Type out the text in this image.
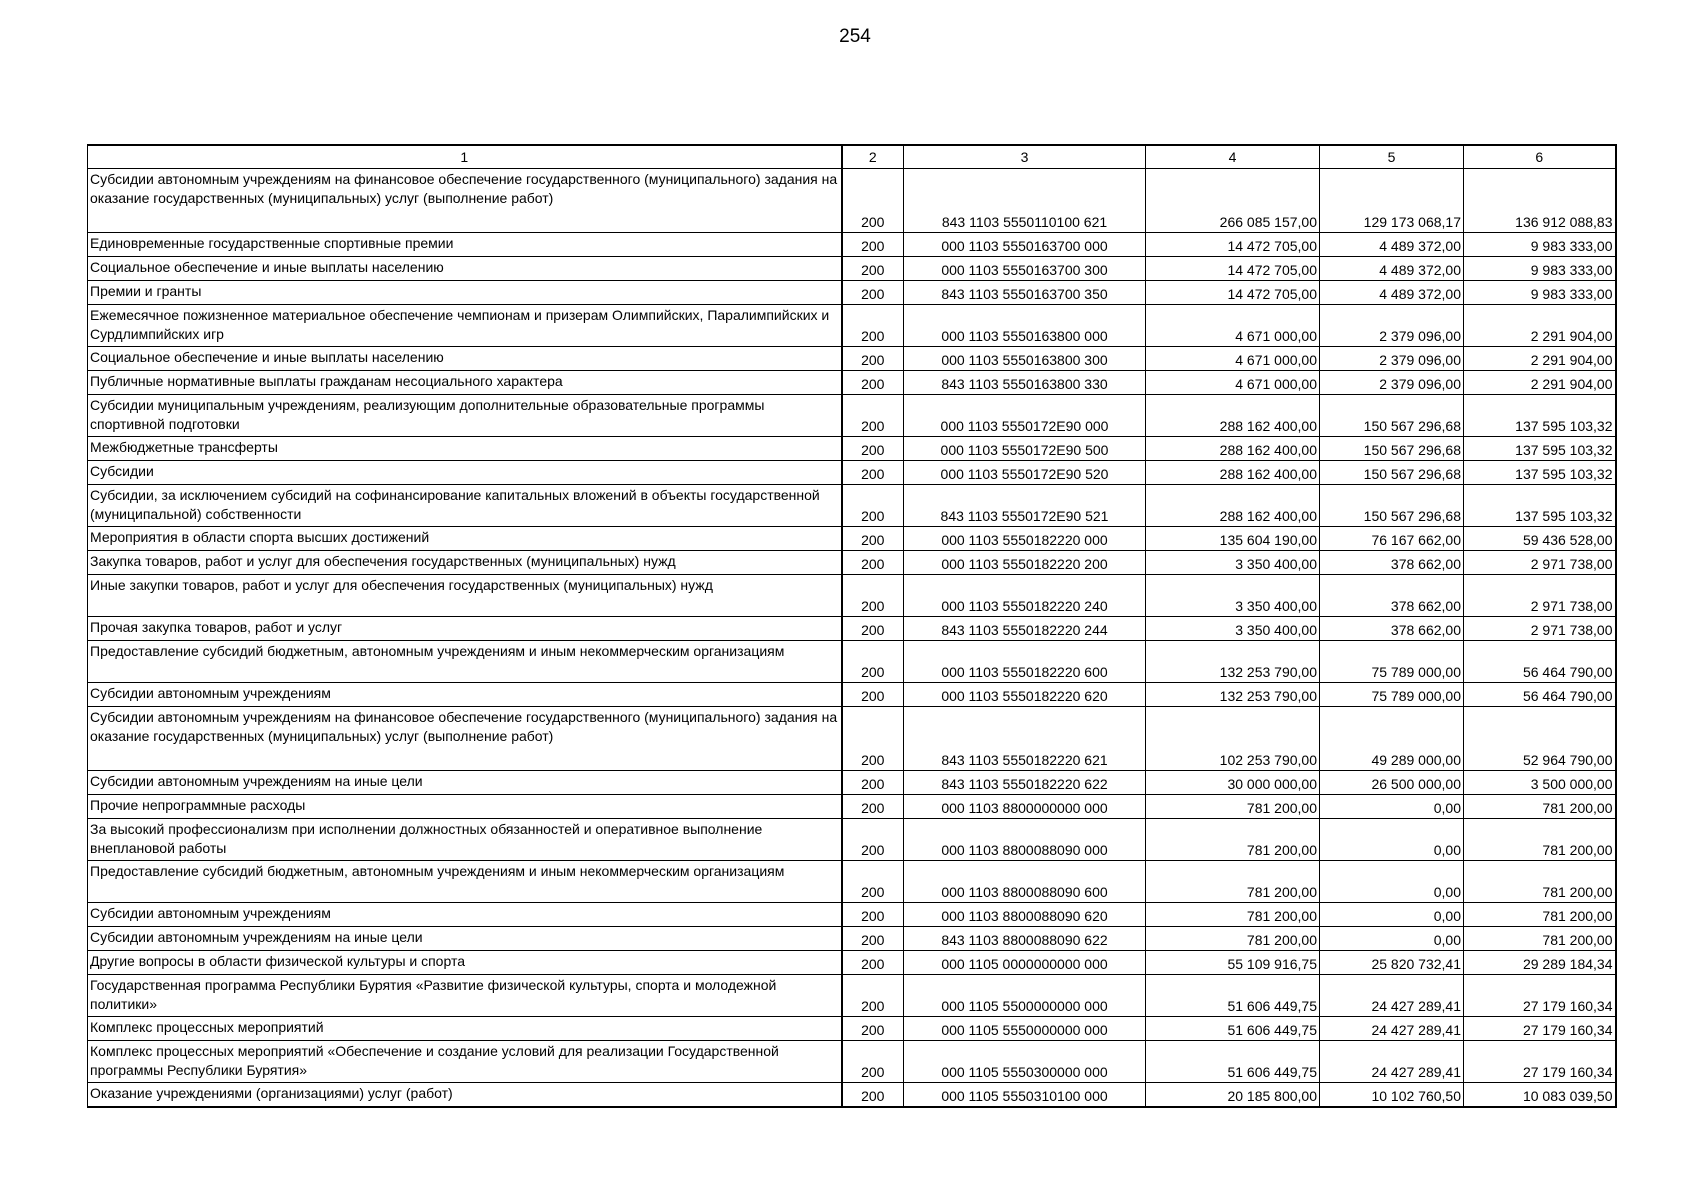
254
1	2	3	4	5	6
Субсидии автономным учреждениям на финансовое обеспечение государственного (муниципального) задания на оказание государственных (муниципальных) услуг (выполнение работ)	200	843 1103 5550110100 621	266 085 157,00	129 173 068,17	136 912 088,83
Единовременные государственные спортивные премии	200	000 1103 5550163700 000	14 472 705,00	4 489 372,00	9 983 333,00
Социальное обеспечение и иные выплаты населению	200	000 1103 5550163700 300	14 472 705,00	4 489 372,00	9 983 333,00
Премии и гранты	200	843 1103 5550163700 350	14 472 705,00	4 489 372,00	9 983 333,00
Ежемесячное пожизненное материальное обеспечение чемпионам и призерам Олимпийских, Паралимпийских и Сурдлимпийских игр	200	000 1103 5550163800 000	4 671 000,00	2 379 096,00	2 291 904,00
Социальное обеспечение и иные выплаты населению	200	000 1103 5550163800 300	4 671 000,00	2 379 096,00	2 291 904,00
Публичные нормативные выплаты гражданам несоциального характера	200	843 1103 5550163800 330	4 671 000,00	2 379 096,00	2 291 904,00
Субсидии муниципальным учреждениям, реализующим дополнительные образовательные программы спортивной подготовки	200	000 1103 5550172E90 000	288 162 400,00	150 567 296,68	137 595 103,32
Межбюджетные трансферты	200	000 1103 5550172E90 500	288 162 400,00	150 567 296,68	137 595 103,32
Субсидии	200	000 1103 5550172E90 520	288 162 400,00	150 567 296,68	137 595 103,32
Субсидии, за исключением субсидий на софинансирование капитальных вложений в объекты государственной (муниципальной) собственности	200	843 1103 5550172E90 521	288 162 400,00	150 567 296,68	137 595 103,32
Мероприятия в области спорта высших достижений	200	000 1103 5550182220 000	135 604 190,00	76 167 662,00	59 436 528,00
Закупка товаров, работ и услуг для обеспечения государственных (муниципальных) нужд	200	000 1103 5550182220 200	3 350 400,00	378 662,00	2 971 738,00
Иные закупки товаров, работ и услуг для обеспечения государственных (муниципальных) нужд	200	000 1103 5550182220 240	3 350 400,00	378 662,00	2 971 738,00
Прочая закупка товаров, работ и услуг	200	843 1103 5550182220 244	3 350 400,00	378 662,00	2 971 738,00
Предоставление субсидий бюджетным, автономным учреждениям и иным некоммерческим организациям	200	000 1103 5550182220 600	132 253 790,00	75 789 000,00	56 464 790,00
Субсидии автономным учреждениям	200	000 1103 5550182220 620	132 253 790,00	75 789 000,00	56 464 790,00
Субсидии автономным учреждениям на финансовое обеспечение государственного (муниципального) задания на оказание государственных (муниципальных) услуг (выполнение работ)	200	843 1103 5550182220 621	102 253 790,00	49 289 000,00	52 964 790,00
Субсидии автономным учреждениям на иные цели	200	843 1103 5550182220 622	30 000 000,00	26 500 000,00	3 500 000,00
Прочие непрограммные расходы	200	000 1103 8800000000 000	781 200,00	0,00	781 200,00
За высокий профессионализм при исполнении должностных обязанностей и оперативное выполнение внеплановой работы	200	000 1103 8800088090 000	781 200,00	0,00	781 200,00
Предоставление субсидий бюджетным, автономным учреждениям и иным некоммерческим организациям	200	000 1103 8800088090 600	781 200,00	0,00	781 200,00
Субсидии автономным учреждениям	200	000 1103 8800088090 620	781 200,00	0,00	781 200,00
Субсидии автономным учреждениям на иные цели	200	843 1103 8800088090 622	781 200,00	0,00	781 200,00
Другие вопросы в области физической культуры и спорта	200	000 1105 0000000000 000	55 109 916,75	25 820 732,41	29 289 184,34
Государственная программа Республики Бурятия «Развитие физической культуры, спорта и молодежной политики»	200	000 1105 5500000000 000	51 606 449,75	24 427 289,41	27 179 160,34
Комплекс процессных мероприятий	200	000 1105 5550000000 000	51 606 449,75	24 427 289,41	27 179 160,34
Комплекс процессных мероприятий «Обеспечение и создание условий для реализации Государственной программы Республики Бурятия»	200	000 1105 5550300000 000	51 606 449,75	24 427 289,41	27 179 160,34
Оказание учреждениями (организациями) услуг (работ)	200	000 1105 5550310100 000	20 185 800,00	10 102 760,50	10 083 039,50
